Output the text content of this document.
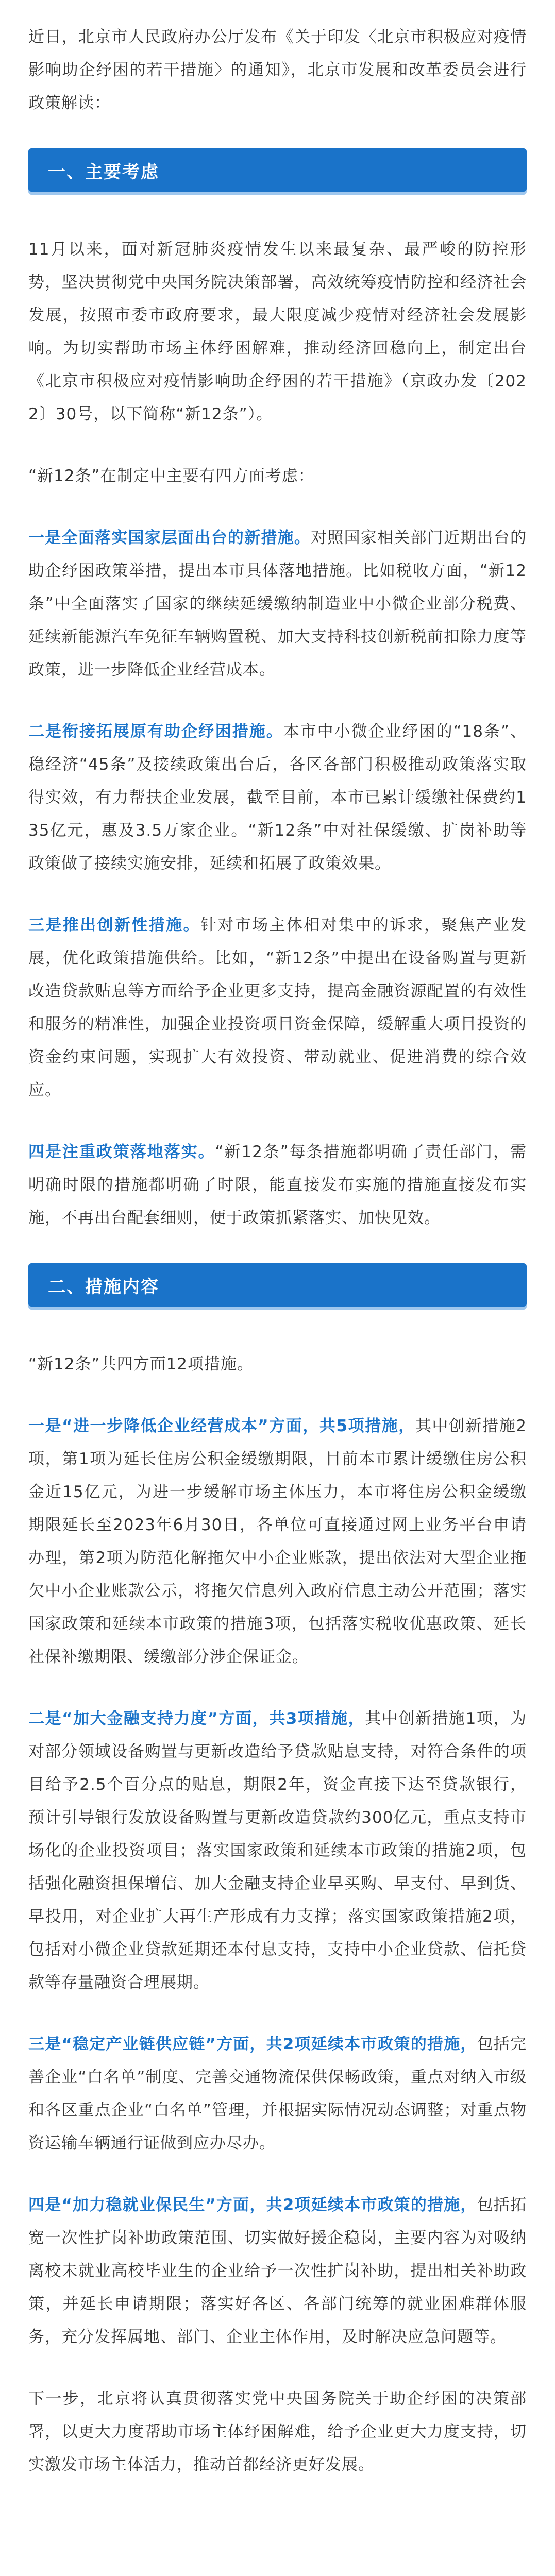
近日，北京市人民政府办公厅发布《关于印发〈北京市积极应对疫情影响助企纾困的若干措施〉的通知》，北京市发展和改革委员会进行政策解读：

一、主要考虑

11月以来，面对新冠肺炎疫情发生以来最复杂、最严峻的防控形势，坚决贯彻党中央国务院决策部署，高效统筹疫情防控和经济社会发展，按照市委市政府要求，最大限度减少疫情对经济社会发展影响。为切实帮助市场主体纾困解难，推动经济回稳向上，制定出台《北京市积极应对疫情影响助企纾困的若干措施》（京政办发〔2022〕30号，以下简称“新12条”）。

“新12条”在制定中主要有四方面考虑：

一是全面落实国家层面出台的新措施。对照国家相关部门近期出台的助企纾困政策举措，提出本市具体落地措施。比如税收方面，“新12条”中全面落实了国家的继续延缓缴纳制造业中小微企业部分税费、延续新能源汽车免征车辆购置税、加大支持科技创新税前扣除力度等政策，进一步降低企业经营成本。

二是衔接拓展原有助企纾困措施。本市中小微企业纾困的“18条”、稳经济“45条”及接续政策出台后，各区各部门积极推动政策落实取得实效，有力帮扶企业发展，截至目前，本市已累计缓缴社保费约135亿元，惠及3.5万家企业。“新12条”中对社保缓缴、扩岗补助等政策做了接续实施安排，延续和拓展了政策效果。

三是推出创新性措施。针对市场主体相对集中的诉求，聚焦产业发展，优化政策措施供给。比如，“新12条”中提出在设备购置与更新改造贷款贴息等方面给予企业更多支持，提高金融资源配置的有效性和服务的精准性，加强企业投资项目资金保障，缓解重大项目投资的资金约束问题，实现扩大有效投资、带动就业、促进消费的综合效应。

四是注重政策落地落实。“新12条”每条措施都明确了责任部门，需明确时限的措施都明确了时限，能直接发布实施的措施直接发布实施，不再出台配套细则，便于政策抓紧落实、加快见效。

二、措施内容

“新12条”共四方面12项措施。

一是“进一步降低企业经营成本”方面，共5项措施，其中创新措施2项，第1项为延长住房公积金缓缴期限，目前本市累计缓缴住房公积金近15亿元，为进一步缓解市场主体压力，本市将住房公积金缓缴期限延长至2023年6月30日，各单位可直接通过网上业务平台申请办理，第2项为防范化解拖欠中小企业账款，提出依法对大型企业拖欠中小企业账款公示，将拖欠信息列入政府信息主动公开范围；落实国家政策和延续本市政策的措施3项，包括落实税收优惠政策、延长社保补缴期限、缓缴部分涉企保证金。

二是“加大金融支持力度”方面，共3项措施，其中创新措施1项，为对部分领域设备购置与更新改造给予贷款贴息支持，对符合条件的项目给予2.5个百分点的贴息，期限2年，资金直接下达至贷款银行，预计引导银行发放设备购置与更新改造贷款约300亿元，重点支持市场化的企业投资项目；落实国家政策和延续本市政策的措施2项，包括强化融资担保增信、加大金融支持企业早买购、早支付、早到货、早投用，对企业扩大再生产形成有力支撑；落实国家政策措施2项，包括对小微企业贷款延期还本付息支持，支持中小企业贷款、信托贷款等存量融资合理展期。

三是“稳定产业链供应链”方面，共2项延续本市政策的措施，包括完善企业“白名单”制度、完善交通物流保供保畅政策，重点对纳入市级和各区重点企业“白名单”管理，并根据实际情况动态调整；对重点物资运输车辆通行证做到应办尽办。

四是“加力稳就业保民生”方面，共2项延续本市政策的措施，包括拓宽一次性扩岗补助政策范围、切实做好援企稳岗，主要内容为对吸纳离校未就业高校毕业生的企业给予一次性扩岗补助，提出相关补助政策，并延长申请期限；落实好各区、各部门统筹的就业困难群体服务，充分发挥属地、部门、企业主体作用，及时解决应急问题等。

下一步，北京将认真贯彻落实党中央国务院关于助企纾困的决策部署，以更大力度帮助市场主体纾困解难，给予企业更大力度支持，切实激发市场主体活力，推动首都经济更好发展。
